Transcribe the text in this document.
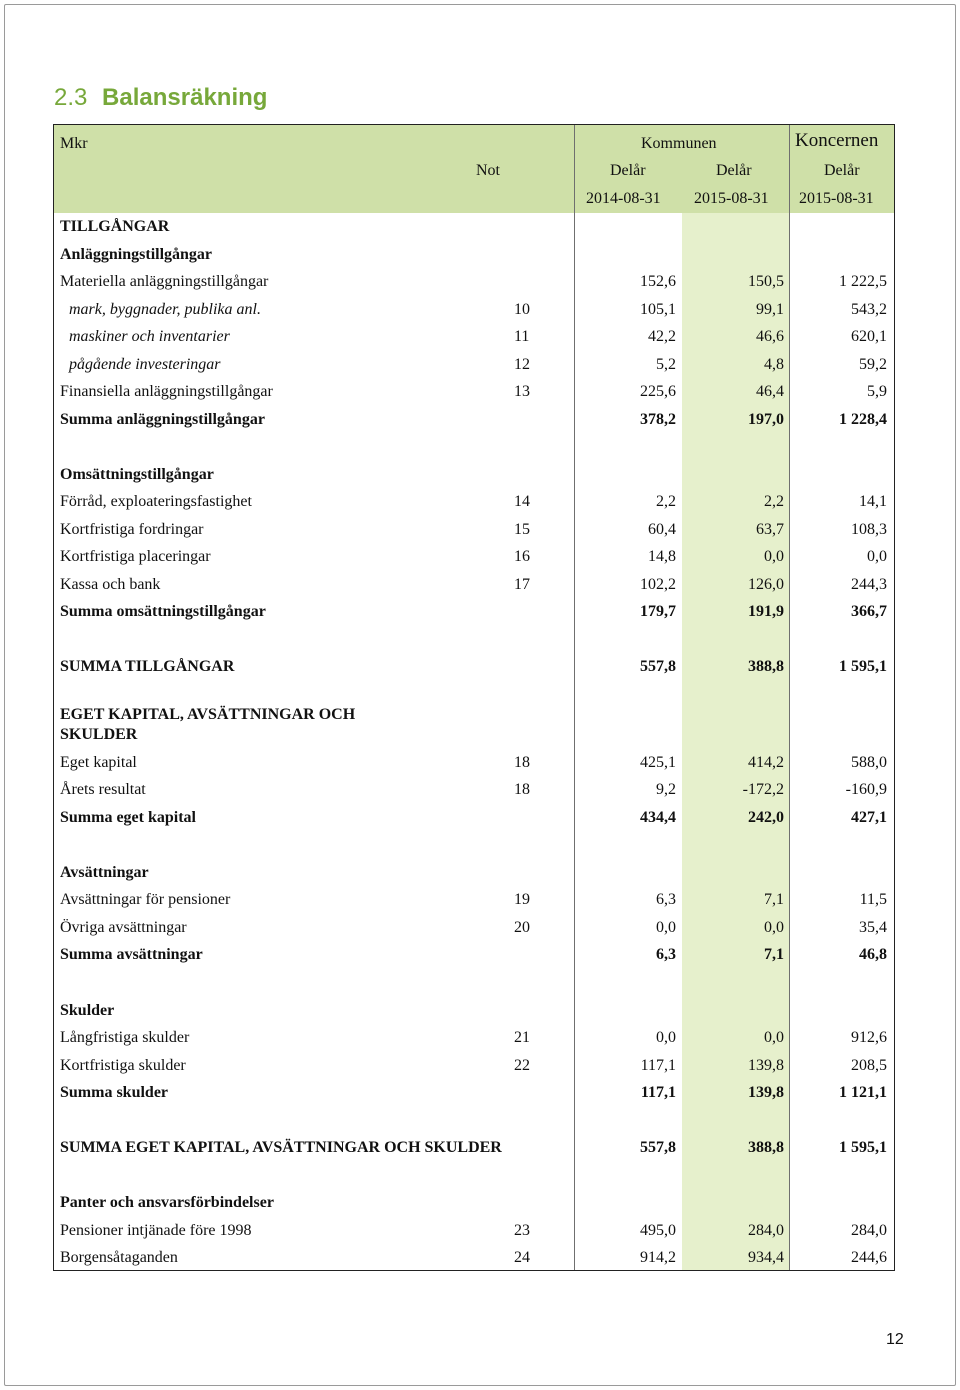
2.3 Balansräkning
Mkr	Kommunen	Koncernen
Not	Delår	Delår	Delår
2014-08-31 2015-08-31 2015-08-31
TILLGÅNGAR
Anläggningstillgångar
Materiella anläggningstillgångar	152,6	150,5	1 222,5
mark, byggnader, publika anl.	10	105,1	99,1	543,2
maskiner och inventarier	11	42,2	46,6	620,1
pågående investeringar	12	5,2	4,8	59,2
Finansiella anläggningstillgångar	13	225,6	46,4	5,9
Summa anläggningstillgångar	378,2	197,0	1 228,4
Omsättningstillgångar
Förråd, exploateringsfastighet	14	2,2	2,2	14,1
Kortfristiga fordringar	15	60,4	63,7	108,3
Kortfristiga placeringar	16	14,8	0,0	0,0
Kassa och bank	17	102,2	126,0	244,3
Summa omsättningstillgångar	179,7	191,9	366,7
SUMMA TILLGÅNGAR	557,8	388,8	1 595,1
EGET KAPITAL, AVSÄTTNINGAR OCH SKULDER
Eget kapital	18	425,1	414,2	588,0
Årets resultat	18	9,2	-172,2	-160,9
Summa eget kapital	434,4	242,0	427,1
Avsättningar
Avsättningar för pensioner	19	6,3	7,1	11,5
Övriga avsättningar	20	0,0	0,0	35,4
Summa avsättningar	6,3	7,1	46,8
Skulder
Långfristiga skulder	21	0,0	0,0	912,6
Kortfristiga skulder	22	117,1	139,8	208,5
Summa skulder	117,1	139,8	1 121,1
SUMMA EGET KAPITAL, AVSÄTTNINGAR OCH SKULDER	557,8	388,8	1 595,1
Panter och ansvarsförbindelser
Pensioner intjänade före 1998	23	495,0	284,0	284,0
Borgensåtaganden	24	914,2	934,4	244,6
12
